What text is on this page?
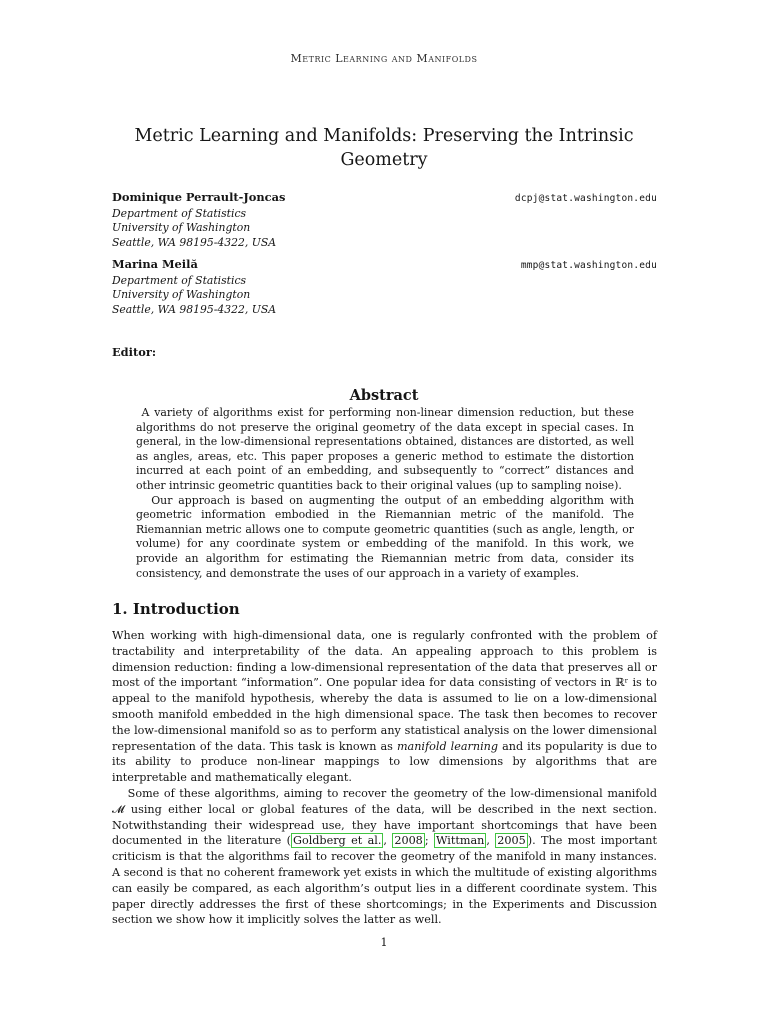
Metric Learning and Manifolds
Metric Learning and Manifolds: Preserving the Intrinsic Geometry
Dominique Perrault-Joncas	dcpj@stat.washington.edu
Department of Statistics
University of Washington
Seattle, WA 98195-4322, USA
Marina Meilă	mmp@stat.washington.edu
Department of Statistics
University of Washington
Seattle, WA 98195-4322, USA
Editor:
Abstract

A variety of algorithms exist for performing non-linear dimension reduction, but these algorithms do not preserve the original geometry of the data except in special cases. In general, in the low-dimensional representations obtained, distances are distorted, as well as angles, areas, etc. This paper proposes a generic method to estimate the distortion incurred at each point of an embedding, and subsequently to “correct” distances and other intrinsic geometric quantities back to their original values (up to sampling noise).

Our approach is based on augmenting the output of an embedding algorithm with geometric information embodied in the Riemannian metric of the manifold. The Riemannian metric allows one to compute geometric quantities (such as angle, length, or volume) for any coordinate system or embedding of the manifold. In this work, we provide an algorithm for estimating the Riemannian metric from data, consider its consistency, and demonstrate the uses of our approach in a variety of examples.

1. Introduction

When working with high-dimensional data, one is regularly confronted with the problem of tractability and interpretability of the data. An appealing approach to this problem is dimension reduction: finding a low-dimensional representation of the data that preserves all or most of the important “information”. One popular idea for data consisting of vectors in ℝʳ is to appeal to the manifold hypothesis, whereby the data is assumed to lie on a low-dimensional smooth manifold embedded in the high dimensional space. The task then becomes to recover the low-dimensional manifold so as to perform any statistical analysis on the lower dimensional representation of the data. This task is known as manifold learning and its popularity is due to its ability to produce non-linear mappings to low dimensions by algorithms that are interpretable and mathematically elegant.

Some of these algorithms, aiming to recover the geometry of the low-dimensional manifold 𝓜 using either local or global features of the data, will be described in the next section. Notwithstanding their widespread use, they have important shortcomings that have been documented in the literature ( Goldberg et al. , 2008 ; Wittman , 2005 ). The most important criticism is that the algorithms fail to recover the geometry of the manifold in many instances. A second is that no coherent framework yet exists in which the multitude of existing algorithms can easily be compared, as each algorithm’s output lies in a different coordinate system. This paper directly addresses the first of these shortcomings; in the Experiments and Discussion section we show how it implicitly solves the latter as well.

1
